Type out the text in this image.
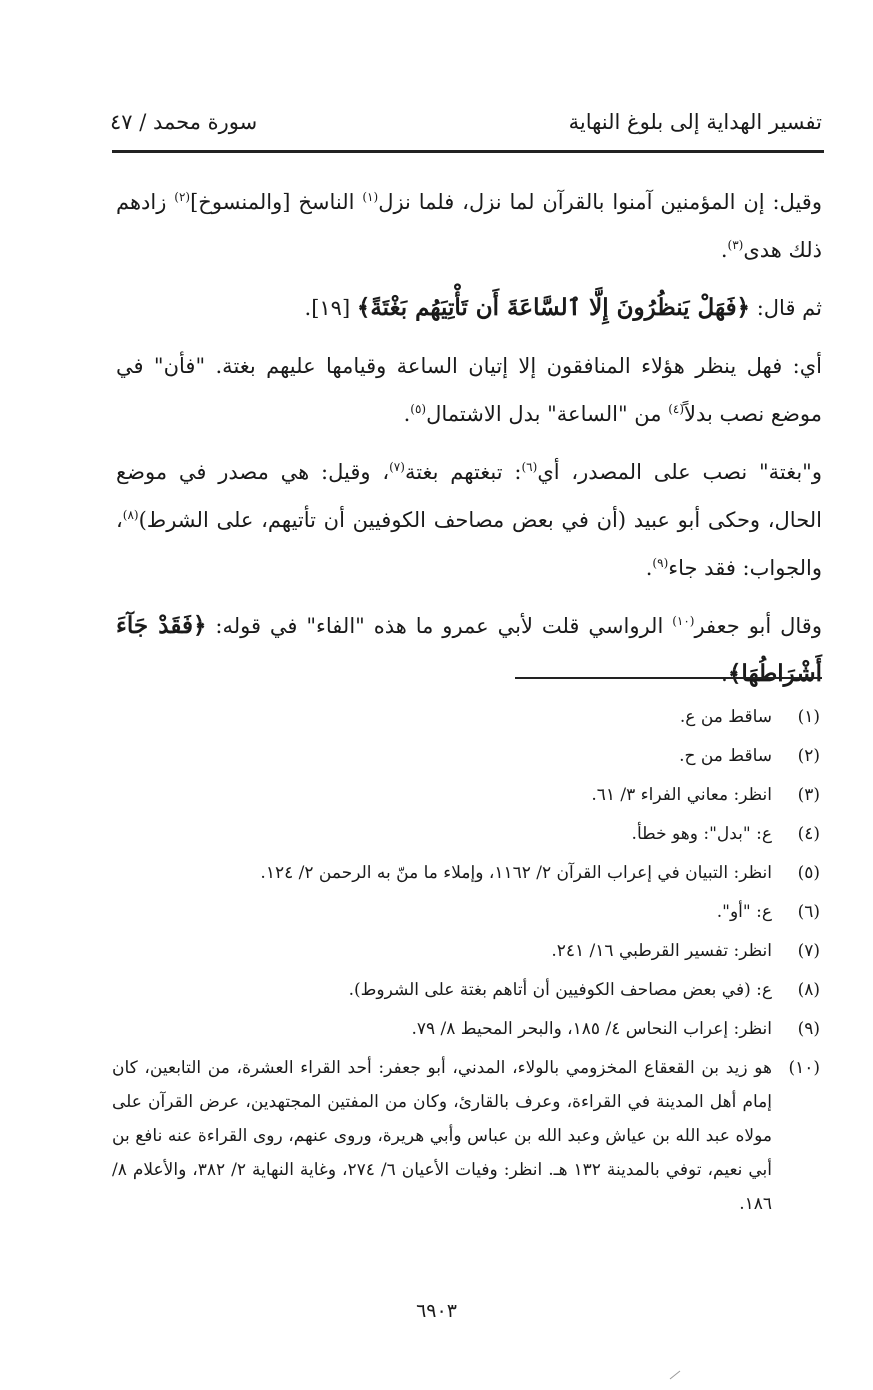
تفسير الهداية إلى بلوغ النهاية
سورة محمد / ٤٧

وقيل: إن المؤمنين آمنوا بالقرآن لما نزل، فلما نزل$^{(١)}$ الناسخ [والمنسوخ]$^{(٢)}$ زادهم ذلك هدى$^{(٣)}$.

ثم قال: ﴿فَهَلْ يَنظُرُونَ إِلَّا ٱلسَّاعَةَ أَن تَأْتِيَهُم بَغْتَةً﴾ [١٩].

أي: فهل ينظر هؤلاء المنافقون إلا إتيان الساعة وقيامها عليهم بغتة. "فأن" في موضع نصب بدلاً$^{(٤)}$ من "الساعة" بدل الاشتمال$^{(٥)}$.

و"بغتة" نصب على المصدر، أي$^{(٦)}$: تبغتهم بغتة$^{(٧)}$، وقيل: هي مصدر في موضع الحال، وحكى أبو عبيد (أن في بعض مصاحف الكوفيين أن تأتيهم، على الشرط)$^{(٨)}$، والجواب: فقد جاء$^{(٩)}$.

وقال أبو جعفر$^{(١٠)}$ الرواسي قلت لأبي عمرو ما هذه "الفاء" في قوله: ﴿فَقَدْ جَآءَ أَشْرَاطُهَا﴾.

(١)
ساقط من ع.
(٢)
ساقط من ح.
(٣)
انظر: معاني الفراء ٣/ ٦١.
(٤)
ع: "بدل": وهو خطأ.
(٥)
انظر: التبيان في إعراب القرآن ٢/ ١١٦٢، وإملاء ما منّ به الرحمن ٢/ ١٢٤.
(٦)
ع: "أو".
(٧)
انظر: تفسير القرطبي ١٦/ ٢٤١.
(٨)
ع: (في بعض مصاحف الكوفيين أن أتاهم بغتة على الشروط).
(٩)
انظر: إعراب النحاس ٤/ ١٨٥، والبحر المحيط ٨/ ٧٩.
(١٠)
هو زيد بن القعقاع المخزومي بالولاء، المدني، أبو جعفر: أحد القراء العشرة، من التابعين، كان إمام أهل المدينة في القراءة، وعرف بالقارئ، وكان من المفتين المجتهدين، عرض القرآن على مولاه عبد الله بن عياش وعبد الله بن عباس وأبي هريرة، وروى عنهم، روى القراءة عنه نافع بن أبي نعيم، توفي بالمدينة ١٣٢ هـ. انظر: وفيات الأعيان ٦/ ٢٧٤، وغاية النهاية ٢/ ٣٨٢، والأعلام ٨/ ١٨٦.
٦٩٠٣
